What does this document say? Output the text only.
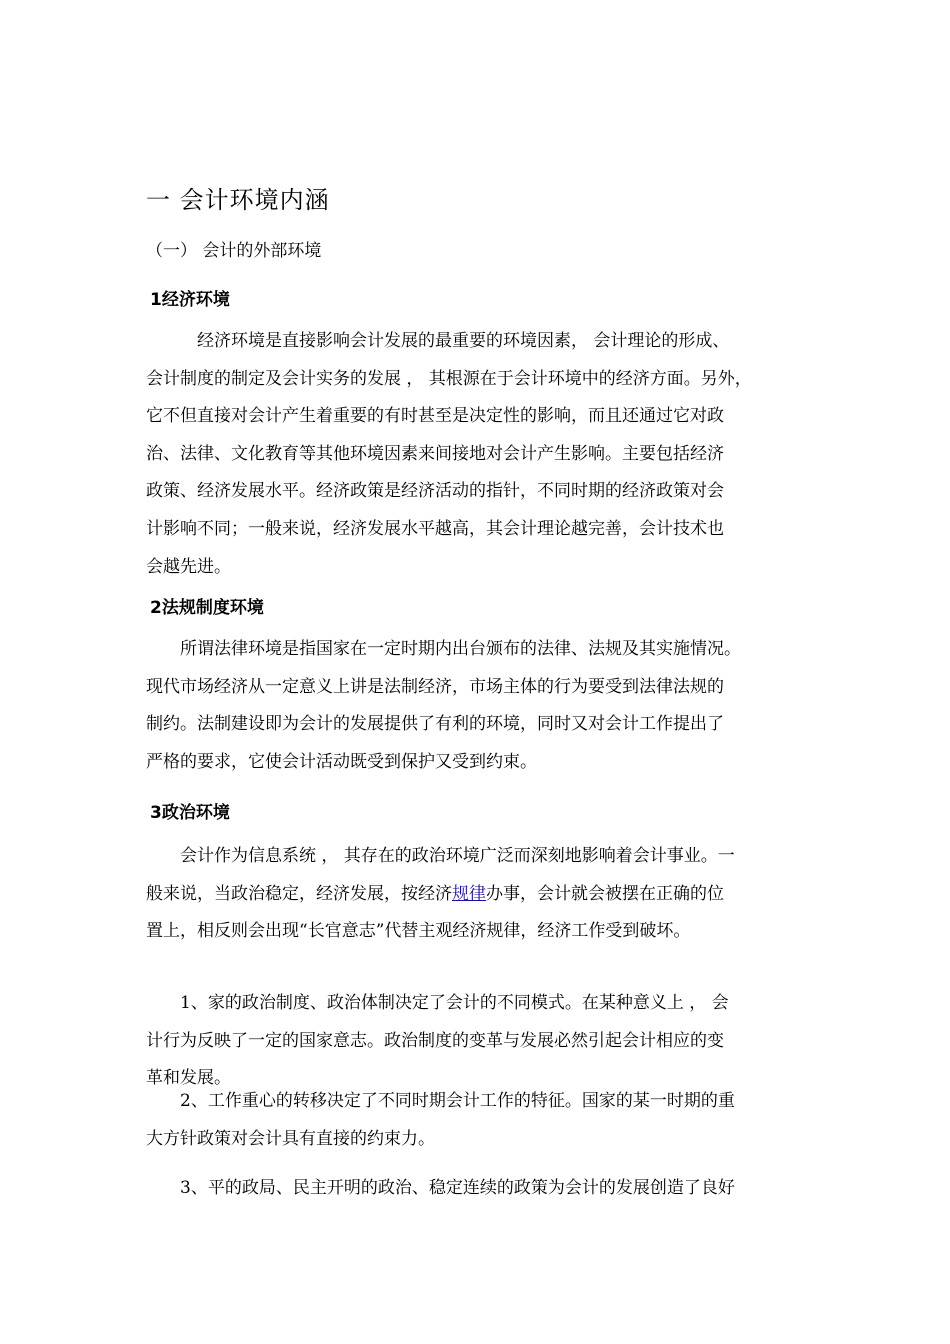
一 会计环境内涵
（一） 会计的外部环境
1经济环境
　　　经济环境是直接影响会计发展的最重要的环境因素， 会计理论的形成、
会计制度的制定及会计实务的发展 ， 其根源在于会计环境中的经济方面。另外，
它不但直接对会计产生着重要的有时甚至是决定性的影响，而且还通过它对政
治、法律、文化教育等其他环境因素来间接地对会计产生影响。主要包括经济
政策、经济发展水平。经济政策是经济活动的指针，不同时期的经济政策对会
计影响不同；一般来说，经济发展水平越高，其会计理论越完善，会计技术也
会越先进。
2法规制度环境
　　所谓法律环境是指国家在一定时期内出台颁布的法律、法规及其实施情况。
现代市场经济从一定意义上讲是法制经济，市场主体的行为要受到法律法规的
制约。法制建设即为会计的发展提供了有利的环境，同时又对会计工作提出了
严格的要求，它使会计活动既受到保护又受到约束。
3政治环境
　　会计作为信息系统 ， 其存在的政治环境广泛而深刻地影响着会计事业。一
般来说，当政治稳定，经济发展，按经济规律办事，会计就会被摆在正确的位
置上，相反则会出现“长官意志”代替主观经济规律，经济工作受到破坏。
　　1、家的政治制度、政治体制决定了会计的不同模式。在某种意义上 ， 会
计行为反映了一定的国家意志。政治制度的变革与发展必然引起会计相应的变
革和发展。
　　2、工作重心的转移决定了不同时期会计工作的特征。国家的某一时期的重
大方针政策对会计具有直接的约束力。
　　3、平的政局、民主开明的政治、稳定连续的政策为会计的发展创造了良好
